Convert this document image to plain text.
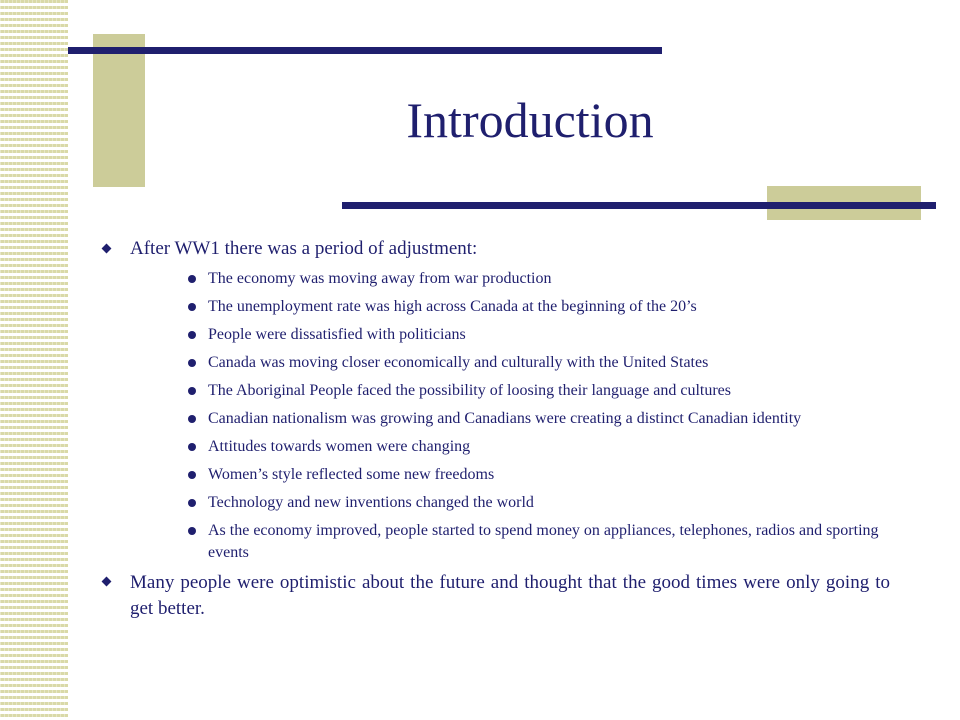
Introduction
After WW1 there was a period of adjustment:
The economy was moving away from war production
The unemployment rate was high across Canada at the beginning of the 20’s
People were dissatisfied with politicians
Canada was moving closer economically and culturally with the United States
The Aboriginal People faced the possibility of loosing their language and cultures
Canadian nationalism was growing and Canadians were creating a distinct Canadian identity
Attitudes towards women were changing
Women’s style reflected some new freedoms
Technology and new inventions changed the world
As the economy improved, people started to spend money on appliances, telephones, radios and sporting events
Many people were optimistic about the future and thought that the good times were only going to get better.
